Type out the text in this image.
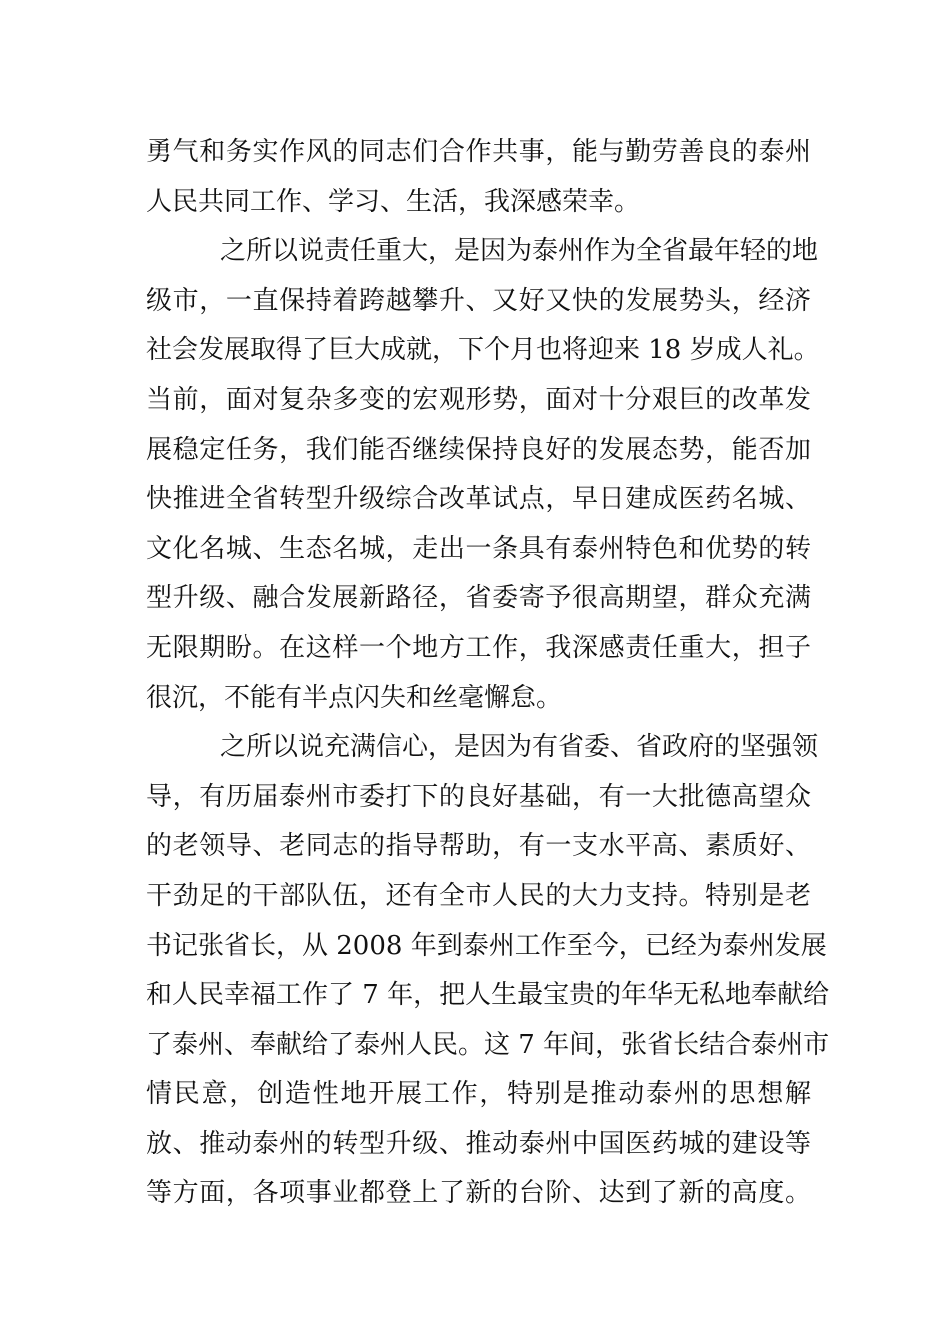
勇气和务实作风的同志们合作共事，能与勤劳善良的泰州
人民共同工作、学习、生活，我深感荣幸。
之所以说责任重大，是因为泰州作为全省最年轻的地
级市，一直保持着跨越攀升、又好又快的发展势头，经济
社会发展取得了巨大成就，下个月也将迎来 18 岁成人礼。
当前，面对复杂多变的宏观形势，面对十分艰巨的改革发
展稳定任务，我们能否继续保持良好的发展态势，能否加
快推进全省转型升级综合改革试点，早日建成医药名城、
文化名城、生态名城，走出一条具有泰州特色和优势的转
型升级、融合发展新路径，省委寄予很高期望，群众充满
无限期盼。在这样一个地方工作，我深感责任重大，担子
很沉，不能有半点闪失和丝毫懈怠。
之所以说充满信心，是因为有省委、省政府的坚强领
导，有历届泰州市委打下的良好基础，有一大批德高望众
的老领导、老同志的指导帮助，有一支水平高、素质好、
干劲足的干部队伍，还有全市人民的大力支持。特别是老
书记张省长，从 2008 年到泰州工作至今，已经为泰州发展
和人民幸福工作了 7 年，把人生最宝贵的年华无私地奉献给
了泰州、奉献给了泰州人民。这 7 年间，张省长结合泰州市
情民意，创造性地开展工作，特别是推动泰州的思想解
放、推动泰州的转型升级、推动泰州中国医药城的建设等
等方面，各项事业都登上了新的台阶、达到了新的高度。
